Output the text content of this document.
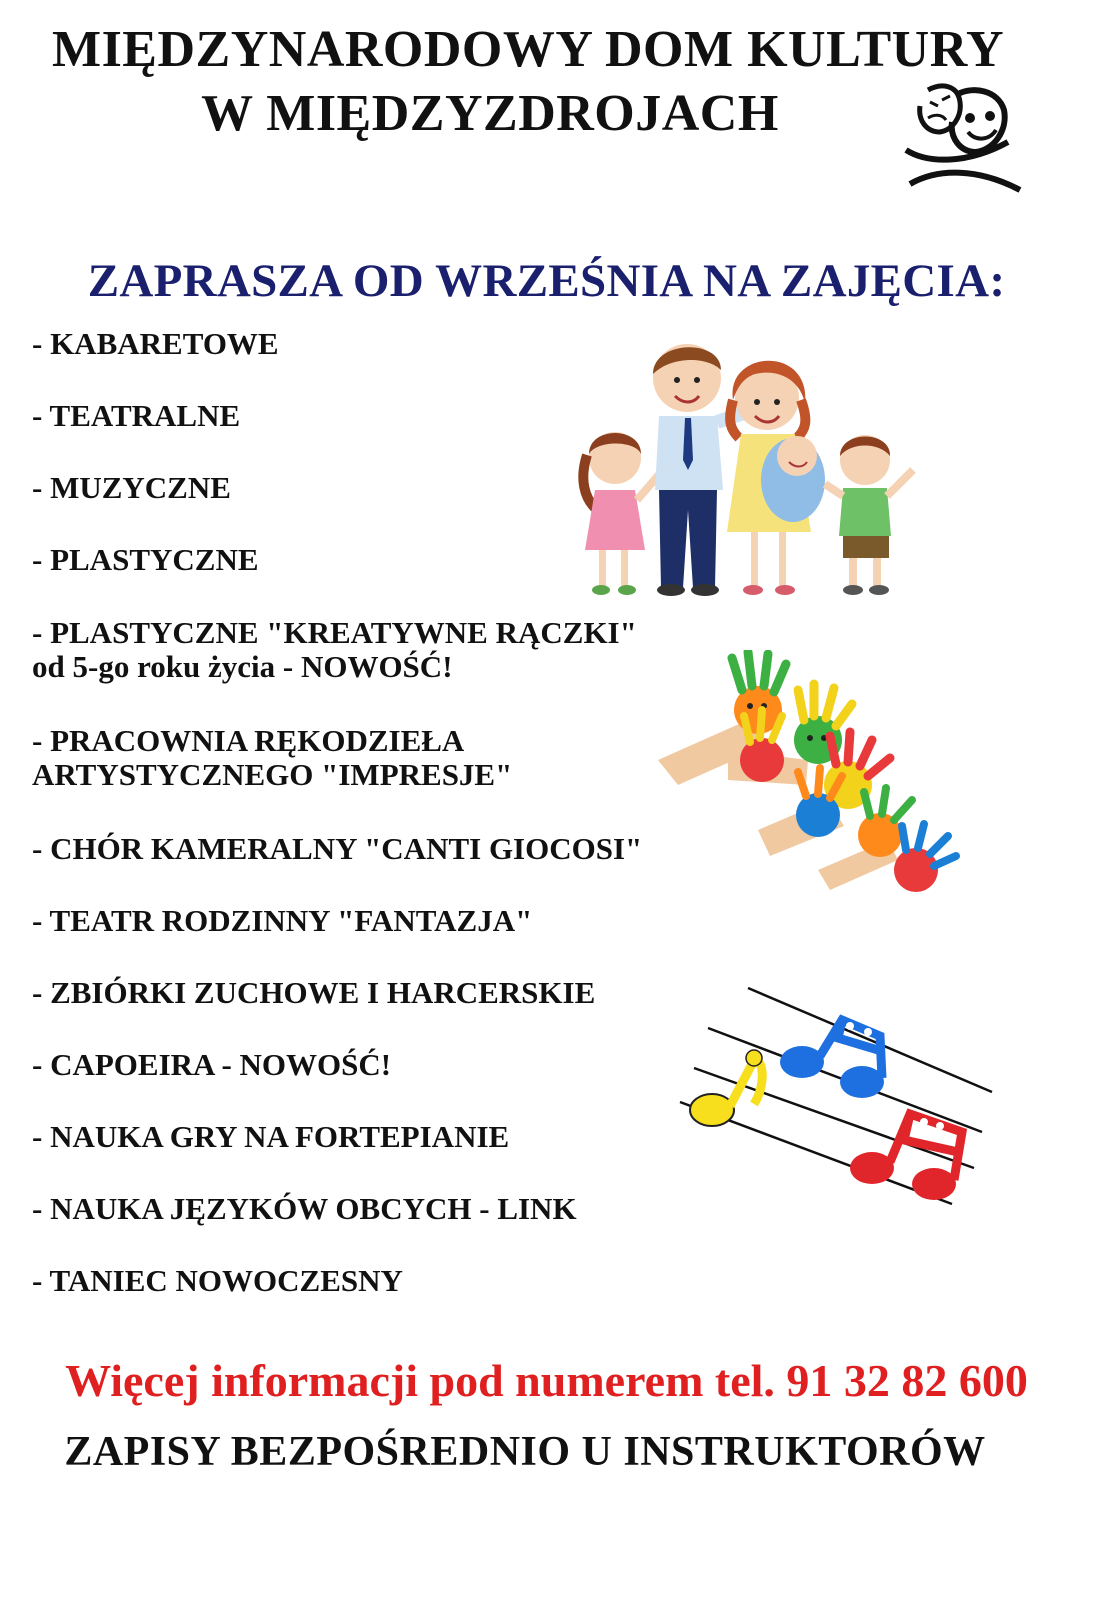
MIĘDZYNARODOWY DOM KULTURY
W MIĘDZYZDROJACH
ZAPRASZA OD WRZEŚNIA NA ZAJĘCIA:
- KABARETOWE
- TEATRALNE
- MUZYCZNE
- PLASTYCZNE
- PLASTYCZNE "KREATYWNE RĄCZKI"
od 5-go roku życia - NOWOŚĆ!
- PRACOWNIA RĘKODZIEŁA
ARTYSTYCZNEGO "IMPRESJE"
- CHÓR KAMERALNY "CANTI GIOCOSI"
- TEATR RODZINNY "FANTAZJA"
- ZBIÓRKI ZUCHOWE I HARCERSKIE
- CAPOEIRA - NOWOŚĆ!
- NAUKA GRY NA FORTEPIANIE
- NAUKA JĘZYKÓW OBCYCH - LINK
- TANIEC NOWOCZESNY
Więcej informacji pod numerem tel. 91 32 82 600
ZAPISY BEZPOŚREDNIO U INSTRUKTORÓW
